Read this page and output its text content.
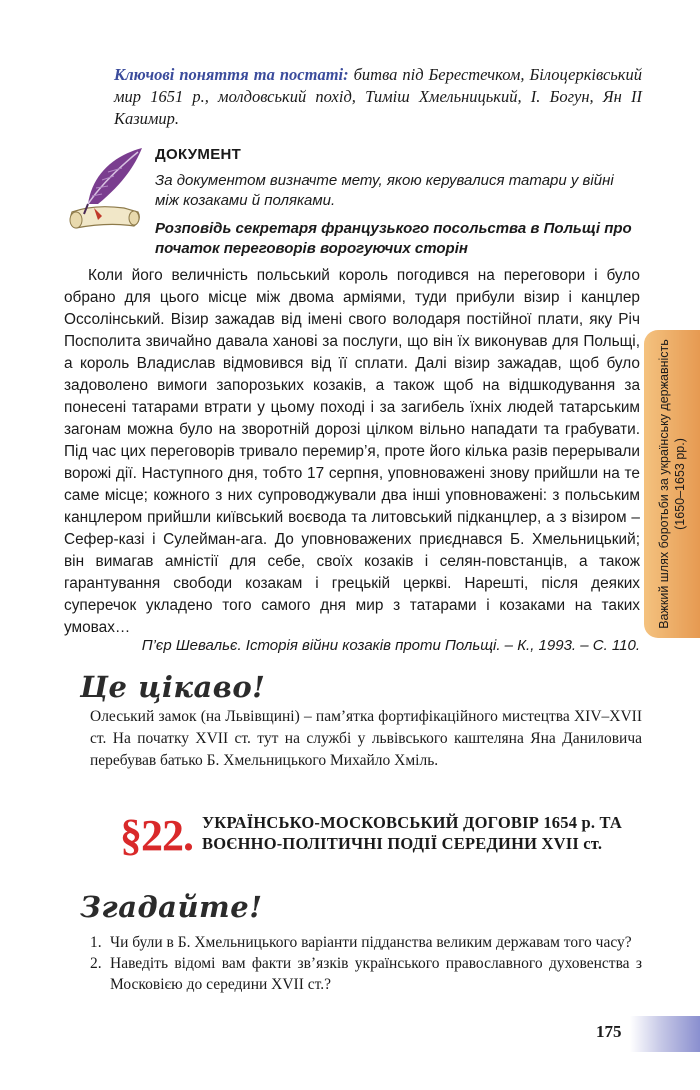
Ключові поняття та постаті: битва під Берестечком, Білоцерківський мир 1651 р., молдовський похід, Тиміш Хмельницький, І. Богун, Ян II Казимир.
ДОКУМЕНТ
За документом визначте мету, якою керувалися татари у війні між козаками й поляками.
Розповідь секретаря французького посольства в Польщі про початок переговорів ворогуючих сторін

Коли його величність польський король погодився на переговори і було обрано для цього місце між двома арміями, туди прибули візир і канцлер Оссолінський. Візир зажадав від імені свого володаря постійної плати, яку Річ Посполита звичайно давала ханові за послуги, що він їх виконував для Польщі, а король Владислав відмовився від її сплати. Далі візир зажадав, щоб було задоволено вимоги запорозьких козаків, а також щоб на відшкодування за понесені татарами втрати у цьому поході і за загибель їхніх людей татарським загонам можна було на зворотній дорозі цілком вільно нападати та грабувати. Під час цих переговорів тривало перемир’я, проте його кілька разів перерывали ворожі дії. Наступного дня, тобто 17 серпня, уповноважені знову прийшли на те саме місце; кожного з них супроводжували два інші уповноважені: з польським канцлером прийшли київський воєвода та литовський підканцлер, а з візиром – Сефер-казі і Сулейман-ага. До уповноважених приєднався Б. Хмельницький; він вимагав амністії для себе, своїх козаків і селян-повстанців, а також гарантування свободи козакам і грецькій церкві. Нарешті, після деяких суперечок укладено того самого дня мир з татарами і козаками на таких умовах…

П’єр Шевальє. Історія війни козаків проти Польщі. – К., 1993. – С. 110.
Це цікаво!
Олеський замок (на Львівщині) – пам’ятка фортифікаційного мистецтва XIV–XVII ст. На початку XVII ст. тут на службі у львівського каштеляна Яна Даниловича перебував батько Б. Хмельницького Михайло Хміль.
§22. УКРАЇНСЬКО-МОСКОВСЬКИЙ ДОГОВІР 1654 р. ТА ВОЄННО-ПОЛІТИЧНІ ПОДІЇ СЕРЕДИНИ XVII ст.
Згадайте!
1. Чи були в Б. Хмельницького варіанти підданства великим державам того часу?
2. Наведіть відомі вам факти зв’язків українського православного духовенства з Московією до середини XVII ст.?
Важкий шлях боротьби за українську державність (1650–1653 рр.)
175
